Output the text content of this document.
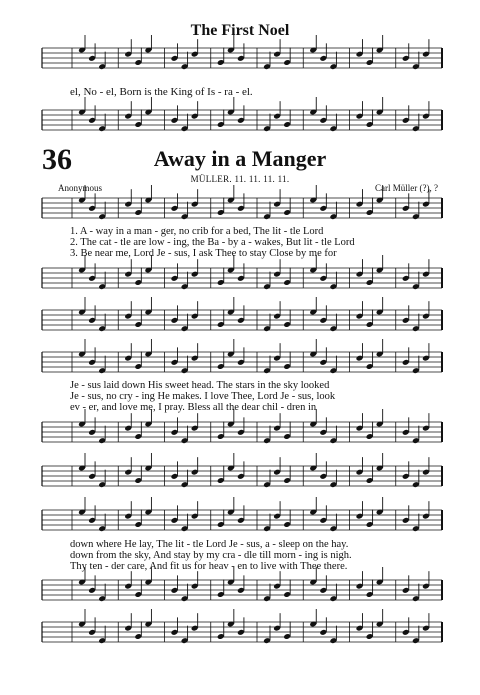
The First Noel
el, No - el, Born is the King of Is - ra - el.
36	Away in a Manger
MÜLLER. 11. 11. 11. 11.
Anonymous	Carl Müller (?), ?
1. A - way in a man - ger, no crib for a bed, The lit - tle Lord
2. The cat - tle are low - ing, the Ba - by a - wakes, But lit - tle Lord
3. Be near me, Lord Je - sus, I ask Thee to stay Close by me for
Je - sus laid down His sweet head. The stars in the sky looked
Je - sus, no cry - ing He makes. I love Thee, Lord Je - sus, look
ev - er, and love me, I pray. Bless all the dear chil - dren in
down where He lay, The lit - tle Lord Je - sus, a - sleep on the hay.
down from the sky, And stay by my cra - dle till morn - ing is nigh.
Thy ten - der care, And fit us for heav - en to live with Thee there.
